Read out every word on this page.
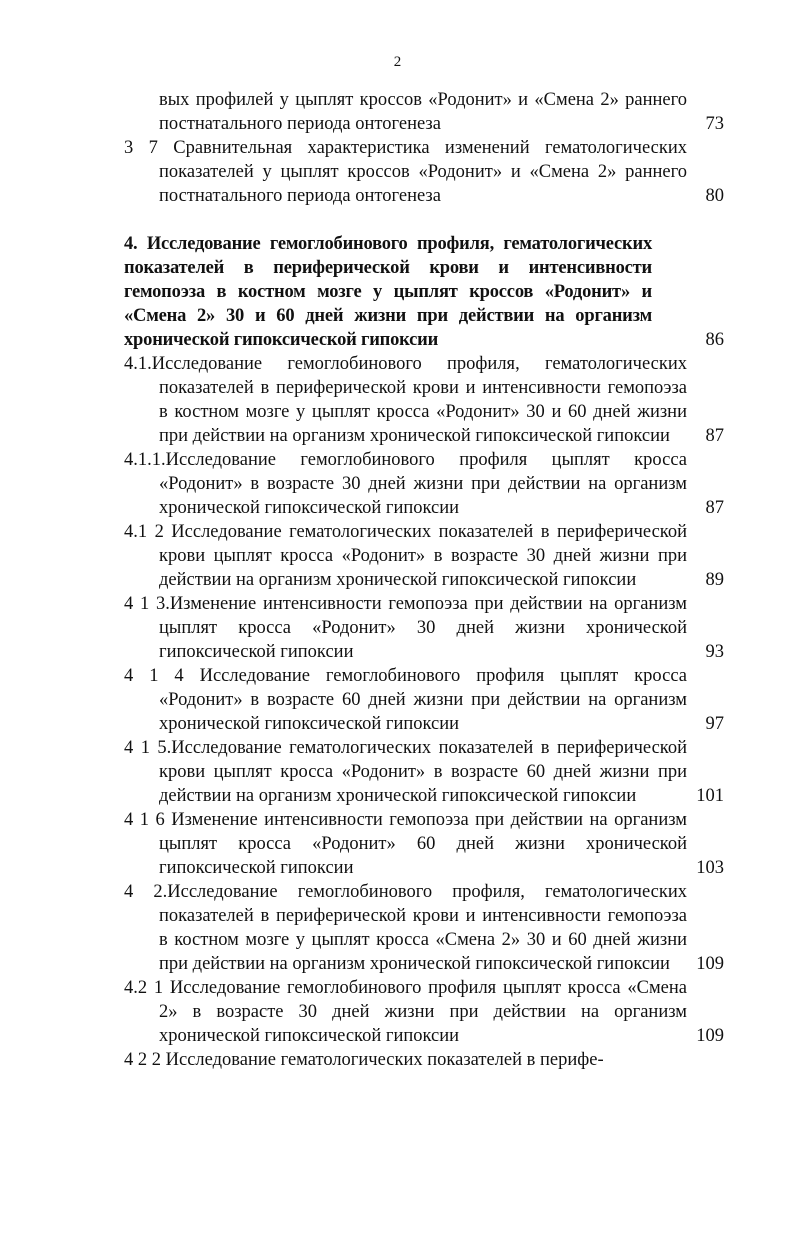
2
вых профилей у цыплят кроссов «Родонит» и «Смена 2» раннего постнатального периода онтогенеза	73
3 7 Сравнительная характеристика изменений гематологических показателей у цыплят кроссов «Родонит» и «Смена 2» раннего постнатального периода онтогенеза	80
4. Исследование гемоглобинового профиля, гематологических показателей в периферической крови и интенсивности гемопоэза в костном мозге у цыплят кроссов «Родонит» и «Смена 2» 30 и 60 дней жизни при действии на организм хронической гипоксической гипоксии	86
4.1.Исследование гемоглобинового профиля, гематологических показателей в периферической крови и интенсивности гемопоэза в костном мозге у цыплят кросса «Родонит» 30 и 60 дней жизни при действии на организм хронической гипоксической гипоксии	87
4.1.1.Исследование гемоглобинового профиля цыплят кросса «Родонит» в возрасте 30 дней жизни при действии на организм хронической гипоксической гипоксии	87
4.1 2 Исследование гематологических показателей в периферической крови цыплят кросса «Родонит» в возрасте 30 дней жизни при действии на организм хронической гипоксической гипоксии	89
4 1 3.Изменение интенсивности гемопоэза при действии на организм цыплят кросса «Родонит» 30 дней жизни хронической гипоксической гипоксии	93
4 1 4 Исследование гемоглобинового профиля цыплят кросса «Родонит» в возрасте 60 дней жизни при действии на организм хронической гипоксической гипоксии	97
4 1 5.Исследование гематологических показателей в периферической крови цыплят кросса «Родонит» в возрасте 60 дней жизни при действии на организм хронической гипоксической гипоксии	101
4 1 6 Изменение интенсивности гемопоэза при действии на организм цыплят кросса «Родонит» 60 дней жизни хронической гипоксической гипоксии	103
4 2.Исследование гемоглобинового профиля, гематологических показателей в периферической крови и интенсивности гемопоэза в костном мозге у цыплят кросса «Смена 2» 30 и 60 дней жизни при действии на организм хронической гипоксической гипоксии	109
4.2 1 Исследование гемоглобинового профиля цыплят кросса «Смена 2» в возрасте 30 дней жизни при действии на организм хронической гипоксической гипоксии	109
4 2 2 Исследование гематологических показателей в перифе-
